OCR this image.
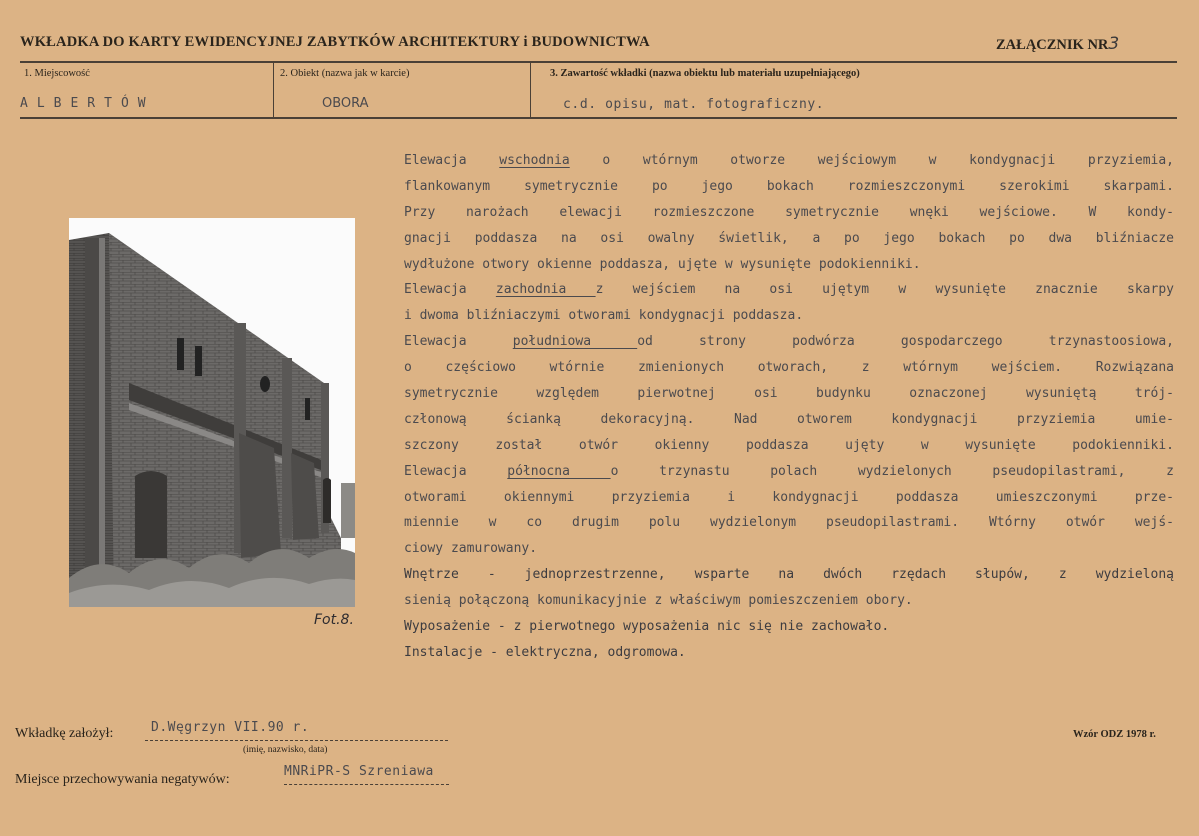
WKŁADKA DO KARTY EWIDENCYJNEJ ZABYTKÓW ARCHITEKTURY i BUDOWNICTWA	ZAŁĄCZNIK NR3
1. Miejscowość	2. Obiekt (nazwa jak w karcie)	3. Zawartość wkładki (nazwa obiektu lub materiału uzupełniającego)
ALBERTÓW	OBORA	c.d. opisu, mat. fotograficzny.
Elewacja wschodnia o wtórnym otworze wejściowym w kondygnacji przyziemia,
flankowanym symetrycznie po jego bokach rozmieszczonymi szerokimi skarpami.
Przy narożach elewacji rozmieszczone symetrycznie wnęki wejściowe. W kondy-
gnacji poddasza na osi owalny świetlik, a po jego bokach po dwa bliźniacze
wydłużone otwory okienne poddasza, ujęte w wysunięte podokienniki.
Elewacja zachodnia z wejściem na osi ujętym w wysunięte znacznie skarpy
i dwoma bliźniaczymi otworami kondygnacji poddasza.
Elewacja południowa od strony podwórza gospodarczego trzynastoosiowa,
o częściowo wtórnie zmienionych otworach, z wtórnym wejściem. Rozwiązana
symetrycznie względem pierwotnej osi budynku oznaczonej wysuniętą trój-
członową ścianką dekoracyjną. Nad otworem kondygnacji przyziemia umie-
szczony został otwór okienny poddasza ujęty w wysunięte podokienniki.
Elewacja północna o trzynastu polach wydzielonych pseudopilastrami, z
otworami okiennymi przyziemia i kondygnacji poddasza umieszczonymi prze-
miennie w co drugim polu wydzielonym pseudopilastrami. Wtórny otwór wejś-
ciowy zamurowany.
Wnętrze - jednoprzestrzenne, wsparte na dwóch rzędach słupów, z wydzieloną
sienią połączoną komunikacyjnie z właściwym pomieszczeniem obory.
Wyposażenie - z pierwotnego wyposażenia nic się nie zachowało.
Instalacje - elektryczna, odgromowa.
Fot.8.
Wkładkę założył:	D.Węgrzyn VII.90 r.
(imię, nazwisko, data)
Miejsce przechowywania negatywów:
MNRiPR-S Szreniawa
Wzór ODZ 1978 r.
